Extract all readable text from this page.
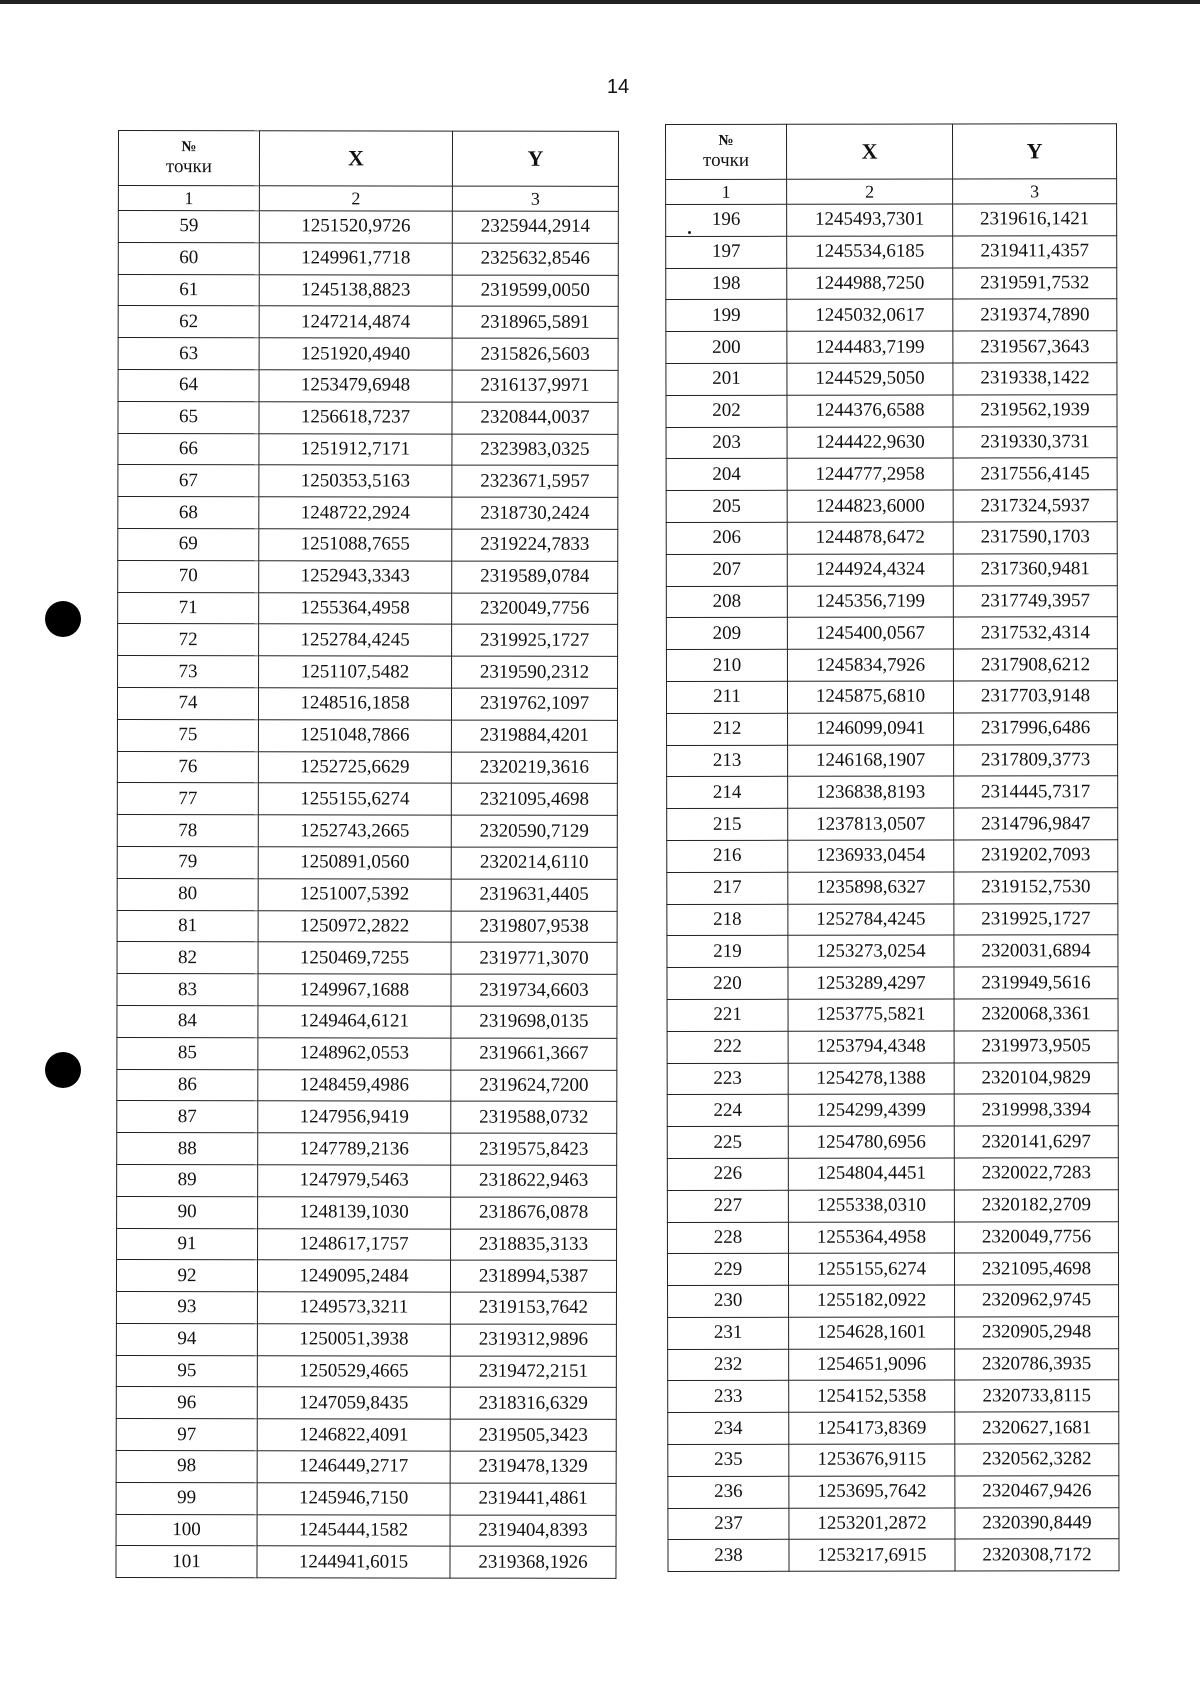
14
№
точки	X	Y
1	2	3
59	1251520,9726	2325944,2914
60	1249961,7718	2325632,8546
61	1245138,8823	2319599,0050
62	1247214,4874	2318965,5891
63	1251920,4940	2315826,5603
64	1253479,6948	2316137,9971
65	1256618,7237	2320844,0037
66	1251912,7171	2323983,0325
67	1250353,5163	2323671,5957
68	1248722,2924	2318730,2424
69	1251088,7655	2319224,7833
70	1252943,3343	2319589,0784
71	1255364,4958	2320049,7756
72	1252784,4245	2319925,1727
73	1251107,5482	2319590,2312
74	1248516,1858	2319762,1097
75	1251048,7866	2319884,4201
76	1252725,6629	2320219,3616
77	1255155,6274	2321095,4698
78	1252743,2665	2320590,7129
79	1250891,0560	2320214,6110
80	1251007,5392	2319631,4405
81	1250972,2822	2319807,9538
82	1250469,7255	2319771,3070
83	1249967,1688	2319734,6603
84	1249464,6121	2319698,0135
85	1248962,0553	2319661,3667
86	1248459,4986	2319624,7200
87	1247956,9419	2319588,0732
88	1247789,2136	2319575,8423
89	1247979,5463	2318622,9463
90	1248139,1030	2318676,0878
91	1248617,1757	2318835,3133
92	1249095,2484	2318994,5387
93	1249573,3211	2319153,7642
94	1250051,3938	2319312,9896
95	1250529,4665	2319472,2151
96	1247059,8435	2318316,6329
97	1246822,4091	2319505,3423
98	1246449,2717	2319478,1329
99	1245946,7150	2319441,4861
100	1245444,1582	2319404,8393
101	1244941,6015	2319368,1926
№
точки	X	Y
1	2	3
196	1245493,7301	2319616,1421
197	1245534,6185	2319411,4357
198	1244988,7250	2319591,7532
199	1245032,0617	2319374,7890
200	1244483,7199	2319567,3643
201	1244529,5050	2319338,1422
202	1244376,6588	2319562,1939
203	1244422,9630	2319330,3731
204	1244777,2958	2317556,4145
205	1244823,6000	2317324,5937
206	1244878,6472	2317590,1703
207	1244924,4324	2317360,9481
208	1245356,7199	2317749,3957
209	1245400,0567	2317532,4314
210	1245834,7926	2317908,6212
211	1245875,6810	2317703,9148
212	1246099,0941	2317996,6486
213	1246168,1907	2317809,3773
214	1236838,8193	2314445,7317
215	1237813,0507	2314796,9847
216	1236933,0454	2319202,7093
217	1235898,6327	2319152,7530
218	1252784,4245	2319925,1727
219	1253273,0254	2320031,6894
220	1253289,4297	2319949,5616
221	1253775,5821	2320068,3361
222	1253794,4348	2319973,9505
223	1254278,1388	2320104,9829
224	1254299,4399	2319998,3394
225	1254780,6956	2320141,6297
226	1254804,4451	2320022,7283
227	1255338,0310	2320182,2709
228	1255364,4958	2320049,7756
229	1255155,6274	2321095,4698
230	1255182,0922	2320962,9745
231	1254628,1601	2320905,2948
232	1254651,9096	2320786,3935
233	1254152,5358	2320733,8115
234	1254173,8369	2320627,1681
235	1253676,9115	2320562,3282
236	1253695,7642	2320467,9426
237	1253201,2872	2320390,8449
238	1253217,6915	2320308,7172
